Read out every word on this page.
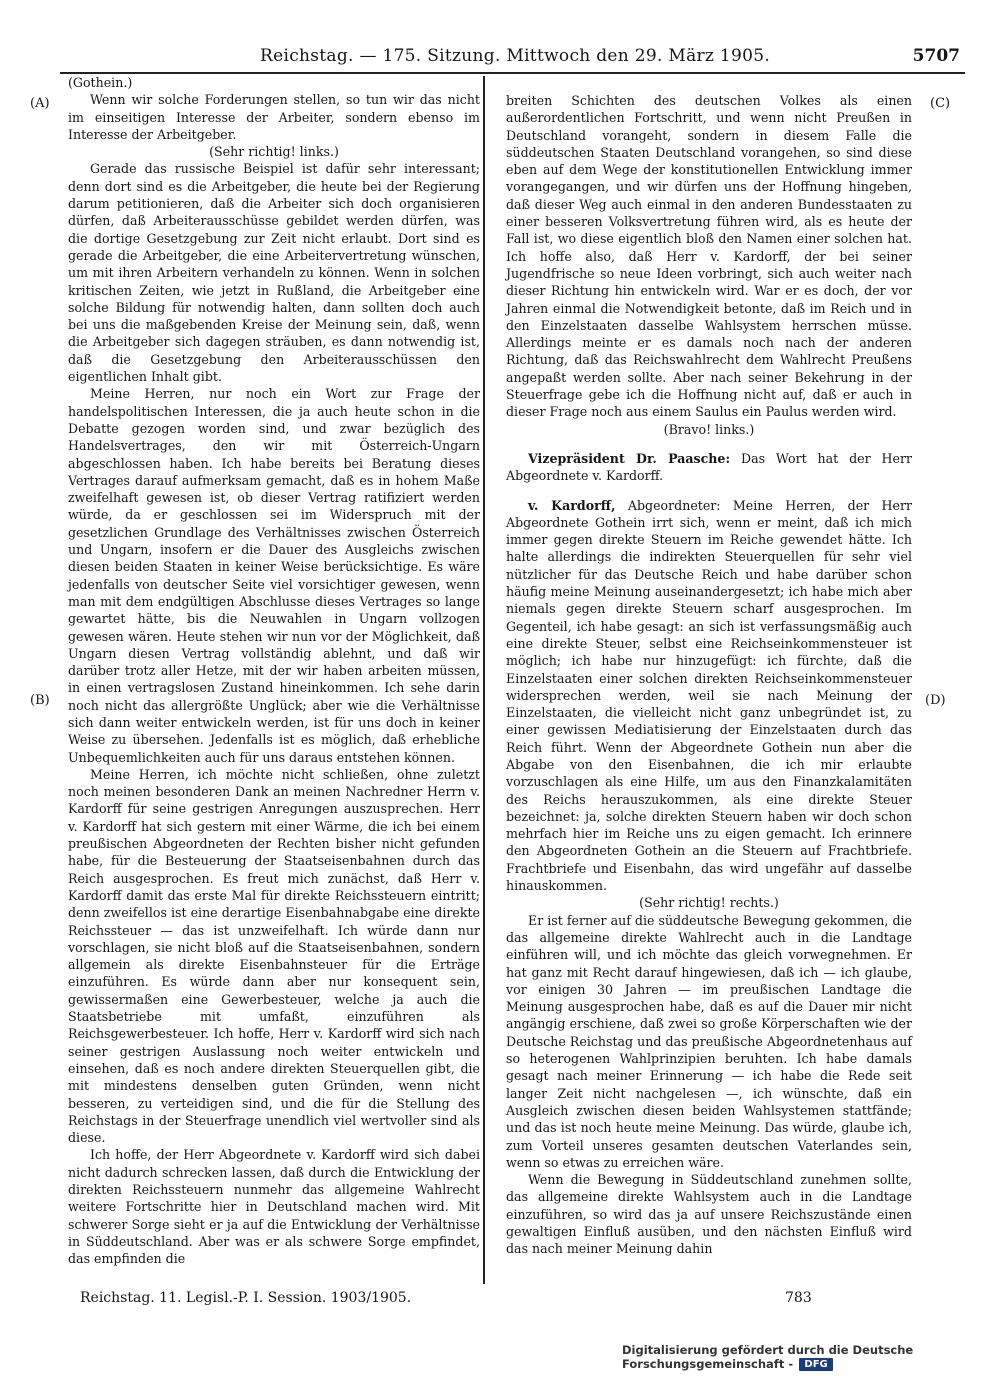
Reichstag. — 175. Sitzung. Mittwoch den 29. März 1905.	5707
(A)
(B)
(C)
(D)

(Gothein.)

Wenn wir solche Forderungen stellen, so tun wir das nicht im einseitigen Interesse der Arbeiter, sondern ebenso im Interesse der Arbeitgeber.

(Sehr richtig! links.)

Gerade das russische Beispiel ist dafür sehr interessant; denn dort sind es die Arbeitgeber, die heute bei der Regierung darum petitionieren, daß die Arbeiter sich doch organisieren dürfen, daß Arbeiterausschüsse gebildet werden dürfen, was die dortige Gesetzgebung zur Zeit nicht erlaubt. Dort sind es gerade die Arbeitgeber, die eine Arbeitervertretung wünschen, um mit ihren Arbeitern verhandeln zu können. Wenn in solchen kritischen Zeiten, wie jetzt in Rußland, die Arbeitgeber eine solche Bildung für notwendig halten, dann sollten doch auch bei uns die maßgebenden Kreise der Meinung sein, daß, wenn die Arbeitgeber sich dagegen sträuben, es dann notwendig ist, daß die Gesetzgebung den Arbeiterausschüssen den eigentlichen Inhalt gibt.

Meine Herren, nur noch ein Wort zur Frage der handelspolitischen Interessen, die ja auch heute schon in die Debatte gezogen worden sind, und zwar bezüglich des Handelsvertrages, den wir mit Österreich-Ungarn abgeschlossen haben. Ich habe bereits bei Beratung dieses Vertrages darauf aufmerksam gemacht, daß es in hohem Maße zweifelhaft gewesen ist, ob dieser Vertrag ratifiziert werden würde, da er geschlossen sei im Widerspruch mit der gesetzlichen Grundlage des Verhältnisses zwischen Österreich und Ungarn, insofern er die Dauer des Ausgleichs zwischen diesen beiden Staaten in keiner Weise berücksichtige. Es wäre jedenfalls von deutscher Seite viel vorsichtiger gewesen, wenn man mit dem endgültigen Abschlusse dieses Vertrages so lange gewartet hätte, bis die Neuwahlen in Ungarn vollzogen gewesen wären. Heute stehen wir nun vor der Möglichkeit, daß Ungarn diesen Vertrag vollständig ablehnt, und daß wir darüber trotz aller Hetze, mit der wir haben arbeiten müssen, in einen vertragslosen Zustand hineinkommen. Ich sehe darin noch nicht das allergrößte Unglück; aber wie die Verhältnisse sich dann weiter entwickeln werden, ist für uns doch in keiner Weise zu übersehen. Jedenfalls ist es möglich, daß erhebliche Unbequemlichkeiten auch für uns daraus entstehen können.

Meine Herren, ich möchte nicht schließen, ohne zuletzt noch meinen besonderen Dank an meinen Nachredner Herrn v. Kardorff für seine gestrigen Anregungen auszusprechen. Herr v. Kardorff hat sich gestern mit einer Wärme, die ich bei einem preußischen Abgeordneten der Rechten bisher nicht gefunden habe, für die Besteuerung der Staatseisenbahnen durch das Reich ausgesprochen. Es freut mich zunächst, daß Herr v. Kardorff damit das erste Mal für direkte Reichssteuern eintritt; denn zweifellos ist eine derartige Eisenbahnabgabe eine direkte Reichssteuer — das ist unzweifelhaft. Ich würde dann nur vorschlagen, sie nicht bloß auf die Staatseisenbahnen, sondern allgemein als direkte Eisenbahnsteuer für die Erträge einzuführen. Es würde dann aber nur konsequent sein, gewissermaßen eine Gewerbesteuer, welche ja auch die Staatsbetriebe mit umfaßt, einzuführen als Reichsgewerbesteuer. Ich hoffe, Herr v. Kardorff wird sich nach seiner gestrigen Auslassung noch weiter entwickeln und einsehen, daß es noch andere direkten Steuerquellen gibt, die mit mindestens denselben guten Gründen, wenn nicht besseren, zu verteidigen sind, und die für die Stellung des Reichstags in der Steuerfrage unendlich viel wertvoller sind als diese.

Ich hoffe, der Herr Abgeordnete v. Kardorff wird sich dabei nicht dadurch schrecken lassen, daß durch die Entwicklung der direkten Reichssteuern nunmehr das allgemeine Wahlrecht weitere Fortschritte hier in Deutschland machen wird. Mit schwerer Sorge sieht er ja auf die Entwicklung der Verhältnisse in Süddeutschland. Aber was er als schwere Sorge empfindet, das empfinden die

breiten Schichten des deutschen Volkes als einen außerordentlichen Fortschritt, und wenn nicht Preußen in Deutschland vorangeht, sondern in diesem Falle die süddeutschen Staaten Deutschland vorangehen, so sind diese eben auf dem Wege der konstitutionellen Entwicklung immer vorangegangen, und wir dürfen uns der Hoffnung hingeben, daß dieser Weg auch einmal in den anderen Bundesstaaten zu einer besseren Volksvertretung führen wird, als es heute der Fall ist, wo diese eigentlich bloß den Namen einer solchen hat. Ich hoffe also, daß Herr v. Kardorff, der bei seiner Jugendfrische so neue Ideen vorbringt, sich auch weiter nach dieser Richtung hin entwickeln wird. War er es doch, der vor Jahren einmal die Notwendigkeit betonte, daß im Reich und in den Einzelstaaten dasselbe Wahlsystem herrschen müsse. Allerdings meinte er es damals noch nach der anderen Richtung, daß das Reichswahlrecht dem Wahlrecht Preußens angepaßt werden sollte. Aber nach seiner Bekehrung in der Steuerfrage gebe ich die Hoffnung nicht auf, daß er auch in dieser Frage noch aus einem Saulus ein Paulus werden wird.

(Bravo! links.)

Vizepräsident Dr. Paasche: Das Wort hat der Herr Abgeordnete v. Kardorff.

v. Kardorff, Abgeordneter: Meine Herren, der Herr Abgeordnete Gothein irrt sich, wenn er meint, daß ich mich immer gegen direkte Steuern im Reiche gewendet hätte. Ich halte allerdings die indirekten Steuerquellen für sehr viel nützlicher für das Deutsche Reich und habe darüber schon häufig meine Meinung auseinandergesetzt; ich habe mich aber niemals gegen direkte Steuern scharf ausgesprochen. Im Gegenteil, ich habe gesagt: an sich ist verfassungsmäßig auch eine direkte Steuer, selbst eine Reichseinkommensteuer ist möglich; ich habe nur hinzugefügt: ich fürchte, daß die Einzelstaaten einer solchen direkten Reichseinkommensteuer widersprechen werden, weil sie nach Meinung der Einzelstaaten, die vielleicht nicht ganz unbegründet ist, zu einer gewissen Mediatisierung der Einzelstaaten durch das Reich führt. Wenn der Abgeordnete Gothein nun aber die Abgabe von den Eisenbahnen, die ich mir erlaubte vorzuschlagen als eine Hilfe, um aus den Finanzkalamitäten des Reichs herauszukommen, als eine direkte Steuer bezeichnet: ja, solche direkten Steuern haben wir doch schon mehrfach hier im Reiche uns zu eigen gemacht. Ich erinnere den Abgeordneten Gothein an die Steuern auf Frachtbriefe. Frachtbriefe und Eisenbahn, das wird ungefähr auf dasselbe hinauskommen.

(Sehr richtig! rechts.)

Er ist ferner auf die süddeutsche Bewegung gekommen, die das allgemeine direkte Wahlrecht auch in die Landtage einführen will, und ich möchte das gleich vorwegnehmen. Er hat ganz mit Recht darauf hingewiesen, daß ich — ich glaube, vor einigen 30 Jahren — im preußischen Landtage die Meinung ausgesprochen habe, daß es auf die Dauer mir nicht angängig erschiene, daß zwei so große Körperschaften wie der Deutsche Reichstag und das preußische Abgeordnetenhaus auf so heterogenen Wahlprinzipien beruhten. Ich habe damals gesagt nach meiner Erinnerung — ich habe die Rede seit langer Zeit nicht nachgelesen —, ich wünschte, daß ein Ausgleich zwischen diesen beiden Wahlsystemen stattfände; und das ist noch heute meine Meinung. Das würde, glaube ich, zum Vorteil unseres gesamten deutschen Vaterlandes sein, wenn so etwas zu erreichen wäre.

Wenn die Bewegung in Süddeutschland zunehmen sollte, das allgemeine direkte Wahlsystem auch in die Landtage einzuführen, so wird das ja auf unsere Reichszustände einen gewaltigen Einfluß ausüben, und den nächsten Einfluß wird das nach meiner Meinung dahin

Reichstag. 11. Legisl.-P. I. Session. 1903/1905.	783
Digitalisierung gefördert durch die Deutsche Forschungsgemeinschaft - DFG
